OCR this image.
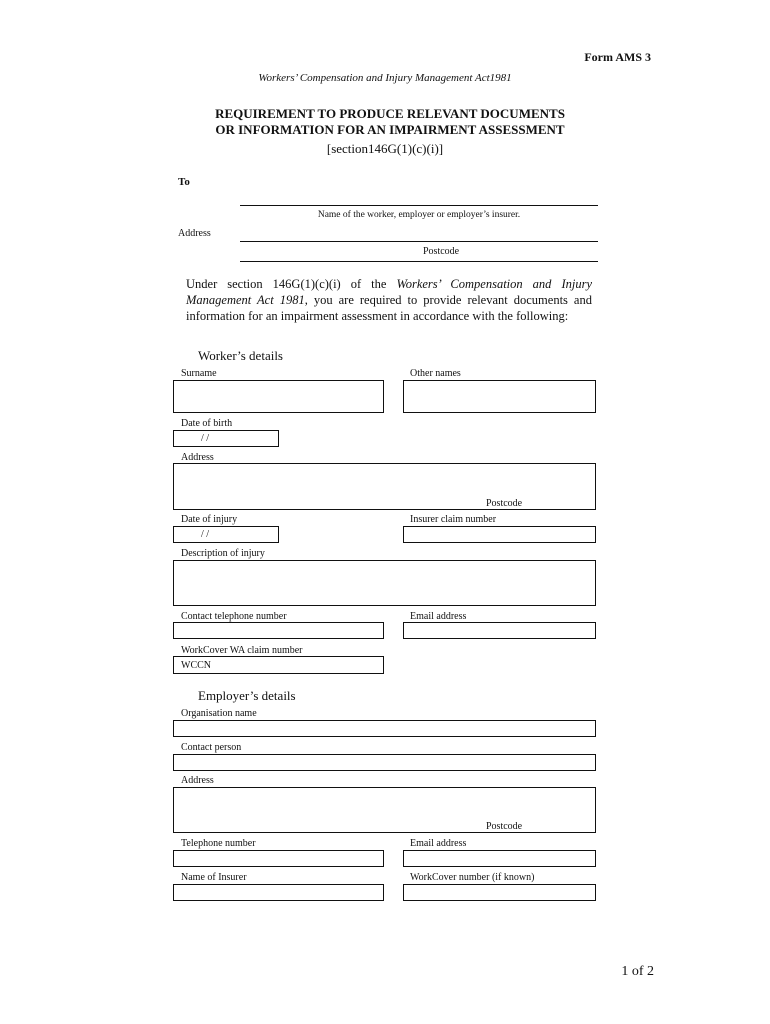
Form AMS 3
Workers’ Compensation and Injury Management Act1981
REQUIREMENT TO PRODUCE RELEVANT DOCUMENTS
OR INFORMATION FOR AN IMPAIRMENT ASSESSMENT
[section146G(1)(c)(i)]
To
Name of the worker, employer or employer’s insurer.
Address
Postcode
Under section 146G(1)(c)(i) of the Workers’ Compensation and Injury Management Act 1981, you are required to provide relevant documents and information for an impairment assessment in accordance with the following:
Worker’s details
Surname	Other names
Date of birth
/ /
Address
Postcode
Date of injury	Insurer claim number
/ /
Description of injury
Contact telephone number	Email address
WorkCover WA claim number
WCCN
Employer’s details
Organisation name
Contact person
Address
Postcode
Telephone number	Email address
Name of Insurer	WorkCover number (if known)
1 of 2
